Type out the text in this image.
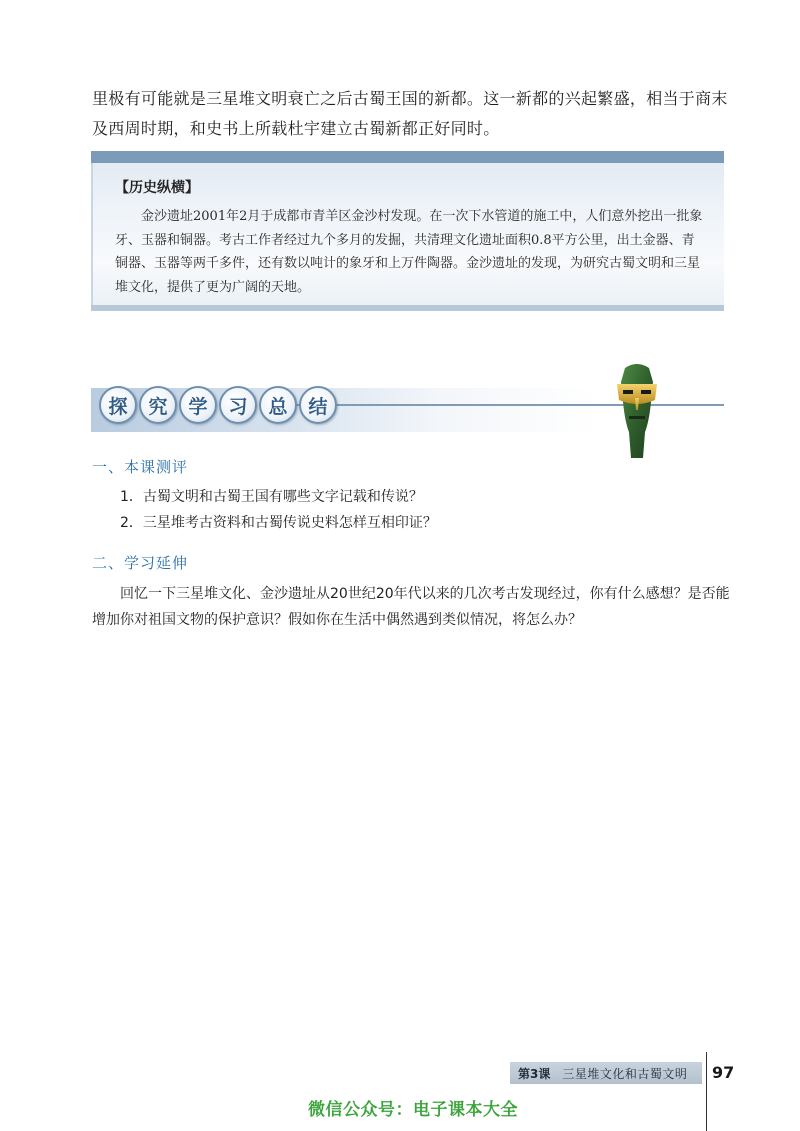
里极有可能就是三星堆文明衰亡之后古蜀王国的新都。这一新都的兴起繁盛，相当于商末

及西周时期，和史书上所载杜宇建立古蜀新都正好同时。

【历史纵横】

金沙遗址2001年2月于成都市青羊区金沙村发现。在一次下水管道的施工中，人们意外挖出一批象牙、玉器和铜器。考古工作者经过九个多月的发掘，共清理文化遗址面积0.8平方公里，出土金器、青铜器、玉器等两千多件，还有数以吨计的象牙和上万件陶器。金沙遗址的发现，为研究古蜀文明和三星堆文化，提供了更为广阔的天地。

探	究	学	习	总	结
一、本课测评
1．古蜀文明和古蜀王国有哪些文字记载和传说？
2．三星堆考古资料和古蜀传说史料怎样互相印证？
二、学习延伸

回忆一下三星堆文化、金沙遗址从20世纪20年代以来的几次考古发现经过，你有什么感想？是否能增加你对祖国文物的保护意识？假如你在生活中偶然遇到类似情况，将怎么办？

第3课	三星堆文化和古蜀文明 97
微信公众号：电子课本大全
